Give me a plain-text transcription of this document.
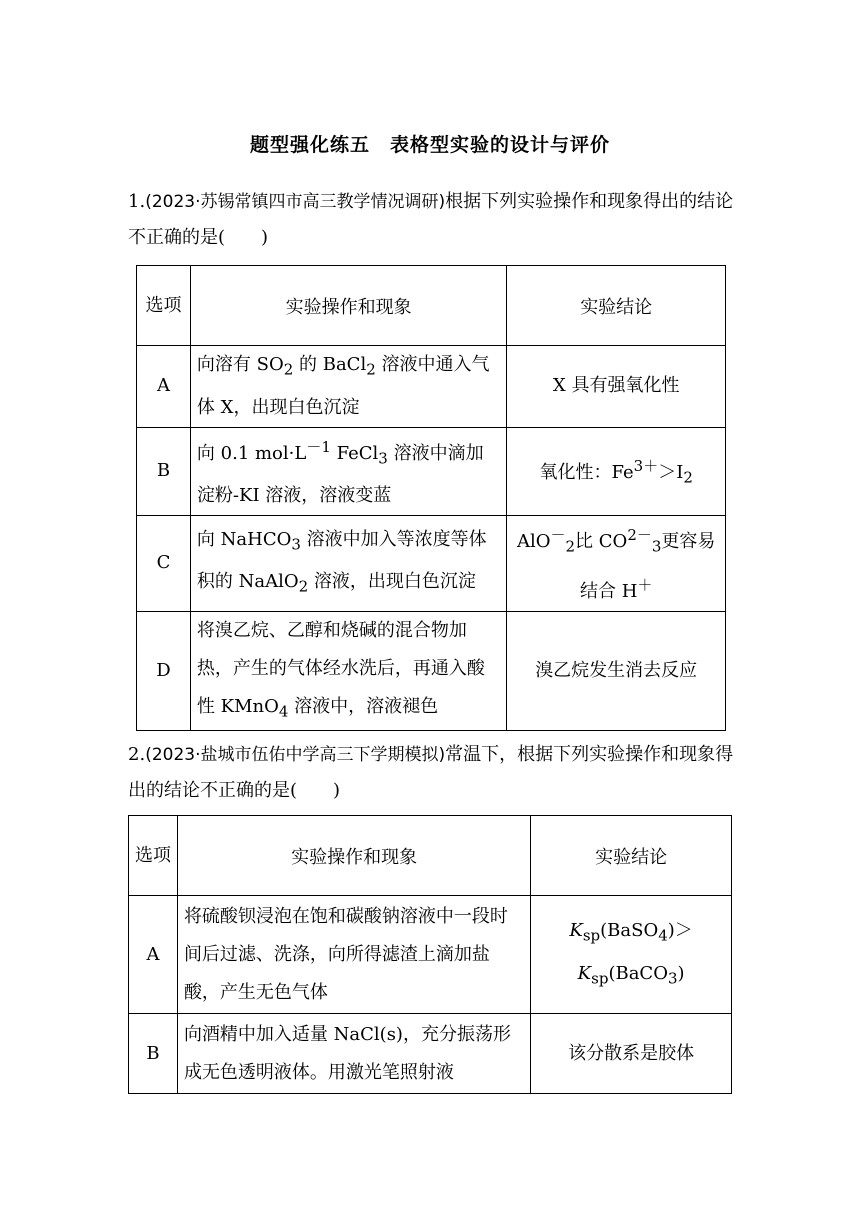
题型强化练五　表格型实验的设计与评价
1.(2023·苏锡常镇四市高三教学情况调研)根据下列实验操作和现象得出的结论不正确的是(　　)
选项	实验操作和现象	实验结论
A	向溶有 $SO_2$ 的 BaCl$_2$ 溶液中通入气体 X，出现白色沉淀	X 具有强氧化性
B	向 0.1 $mol\cdot L^{-1}$ FeCl$_3$ 溶液中滴加淀粉-KI 溶液，溶液变蓝	氧化性：$Fe^{3+}>I_2$
C	向 NaHCO$_3$ 溶液中加入等浓度等体积的 NaAlO$_2$ 溶液，出现白色沉淀	AlO－$_2$比 $CO^{2-}_3$更容易结合 H＋
D	将溴乙烷、乙醇和烧碱的混合物加热，产生的气体经水洗后，再通入酸性 KMnO$_4$ 溶液中，溶液褪色	溴乙烷发生消去反应
2.(2023·盐城市伍佑中学高三下学期模拟)常温下，根据下列实验操作和现象得出的结论不正确的是(　　)
选项	实验操作和现象	实验结论
A	将硫酸钡浸泡在饱和碳酸钠溶液中一段时间后过滤、洗涤，向所得滤渣上滴加盐酸，产生无色气体	$K_{sp}(BaSO_4)>$
$K_{sp}(BaCO_3)$
B	向酒精中加入适量 NaCl(s)，充分振荡形成无色透明液体。用激光笔照射液	该分散系是胶体
